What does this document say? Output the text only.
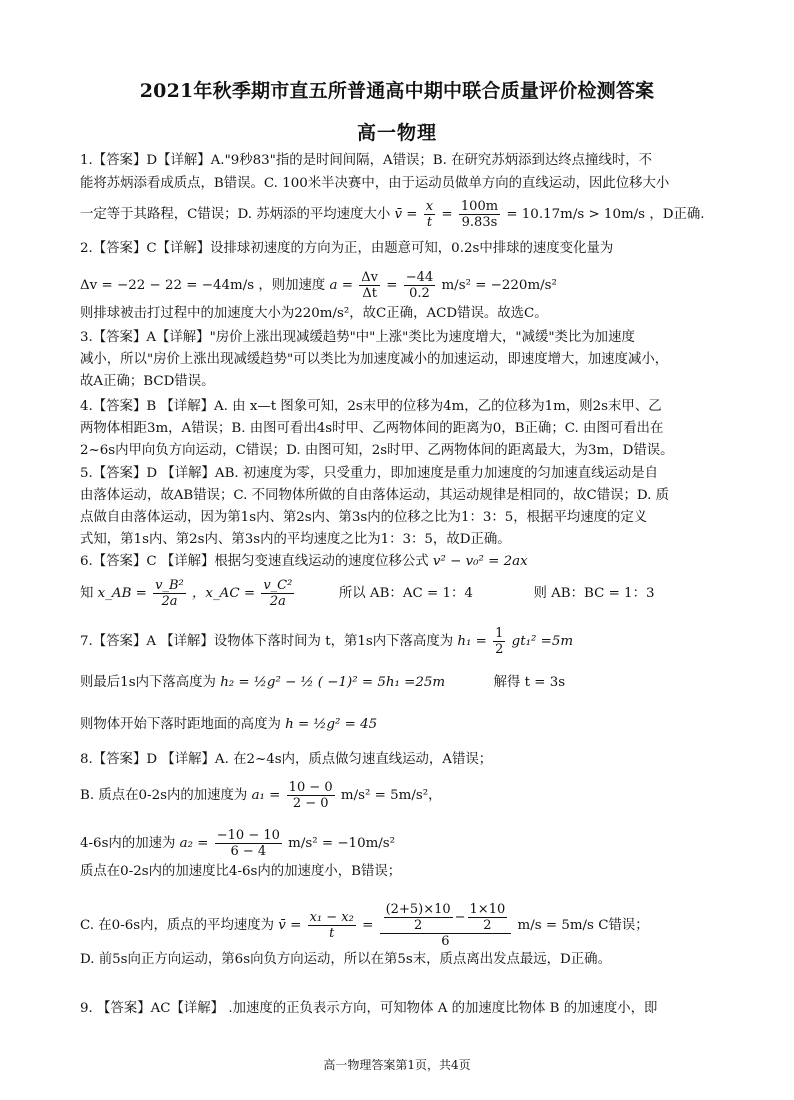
2021年秋季期市直五所普通高中期中联合质量评价检测答案
高一物理
1.【答案】D【详解】A."9秒83"指的是时间间隔，A错误；B. 在研究苏炳添到达终点撞线时，不
能将苏炳添看成质点，B错误。C. 100米半决赛中，由于运动员做单方向的直线运动，因此位移大小
一定等于其路程，C错误；D. 苏炳添的平均速度大小 v̄ = $\frac{x}{t} = \frac{100m}{9.83s} = 10.17m/s > 10m/s$ ，D正确.
2.【答案】C【详解】设排球初速度的方向为正，由题意可知，0.2s中排球的速度变化量为
Δv = −22 − 22 = −44m/s ，则加速度 $a = \frac{\Delta v}{\Delta t} = \frac{-44}{0.2} m/s^2 = -220m/s^2$
则排球被击打过程中的加速度大小为220m/s²，故C正确，ACD错误。故选C。
3.【答案】A【详解】"房价上涨出现减缓趋势"中"上涨"类比为速度增大，"减缓"类比为加速度
减小，所以"房价上涨出现减缓趋势"可以类比为加速度减小的加速运动，即速度增大，加速度减小，
故A正确；BCD错误。
4.【答案】B 【详解】A. 由 x—t 图象可知，2s末甲的位移为4m，乙的位移为1m，则2s末甲、乙
两物体相距3m，A错误；B. 由图可看出4s时甲、乙两物体间的距离为0，B正确；C. 由图可看出在
2~6s内甲向负方向运动，C错误；D. 由图可知，2s时甲、乙两物体间的距离最大，为3m，D错误。
5.【答案】D 【详解】AB. 初速度为零，只受重力，即加速度是重力加速度的匀加速直线运动是自
由落体运动，故AB错误；C. 不同物体所做的自由落体运动，其运动规律是相同的，故C错误；D. 质
点做自由落体运动，因为第1s内、第2s内、第3s内的位移之比为1：3：5，根据平均速度的定义
式知，第1s内、第2s内、第3s内的平均速度之比为1：3：5，故D正确。
6.【答案】C 【详解】根据匀变速直线运动的速度位移公式 v² − v₀² = 2ax
知 x_AB = $\frac{\text{v\_B²}}{2a}$ ，x_AC = $\frac{\text{v\_C²}}{2a}$	所以 AB：AC = 1：4	则 AB：BC = 1：3
7.【答案】A 【详解】设物体下落时间为 t，第1s内下落高度为 $h_1 = \frac{1}{2} gt_1^2 =5m$
则最后1s内下落高度为 h₂ = ½g² − ½ ( −1)² = 5h₁ =25m	解得 t = 3s
则物体开始下落时距地面的高度为 h = ½g² = 45
8.【答案】D 【详解】A. 在2~4s内，质点做匀速直线运动，A错误；
B. 质点在0-2s内的加速度为 $a_1 = \frac{10 - 0}{2 - 0} m/s^2 = 5m/s^2$，
4-6s内的加速为 $a_2 = \frac{-10 - 10}{6 - 4} m/s^2 = -10m/s^2$
质点在0-2s内的加速度比4-6s内的加速度小，B错误；
C. 在0-6s内，质点的平均速度为 v̄ = $\frac{\text{x₁ − x₂}}{t} = \frac{\frac{(2+5)\times 10}{2} - \frac{1\times 10}{2}}{6} m/s = 5m/s$ C错误；
D. 前5s向正方向运动，第6s向负方向运动，所以在第5s末，质点离出发点最远，D正确。
9. 【答案】AC【详解】 .加速度的正负表示方向，可知物体 A 的加速度比物体 B 的加速度小，即
高一物理答案第1页，共4页
